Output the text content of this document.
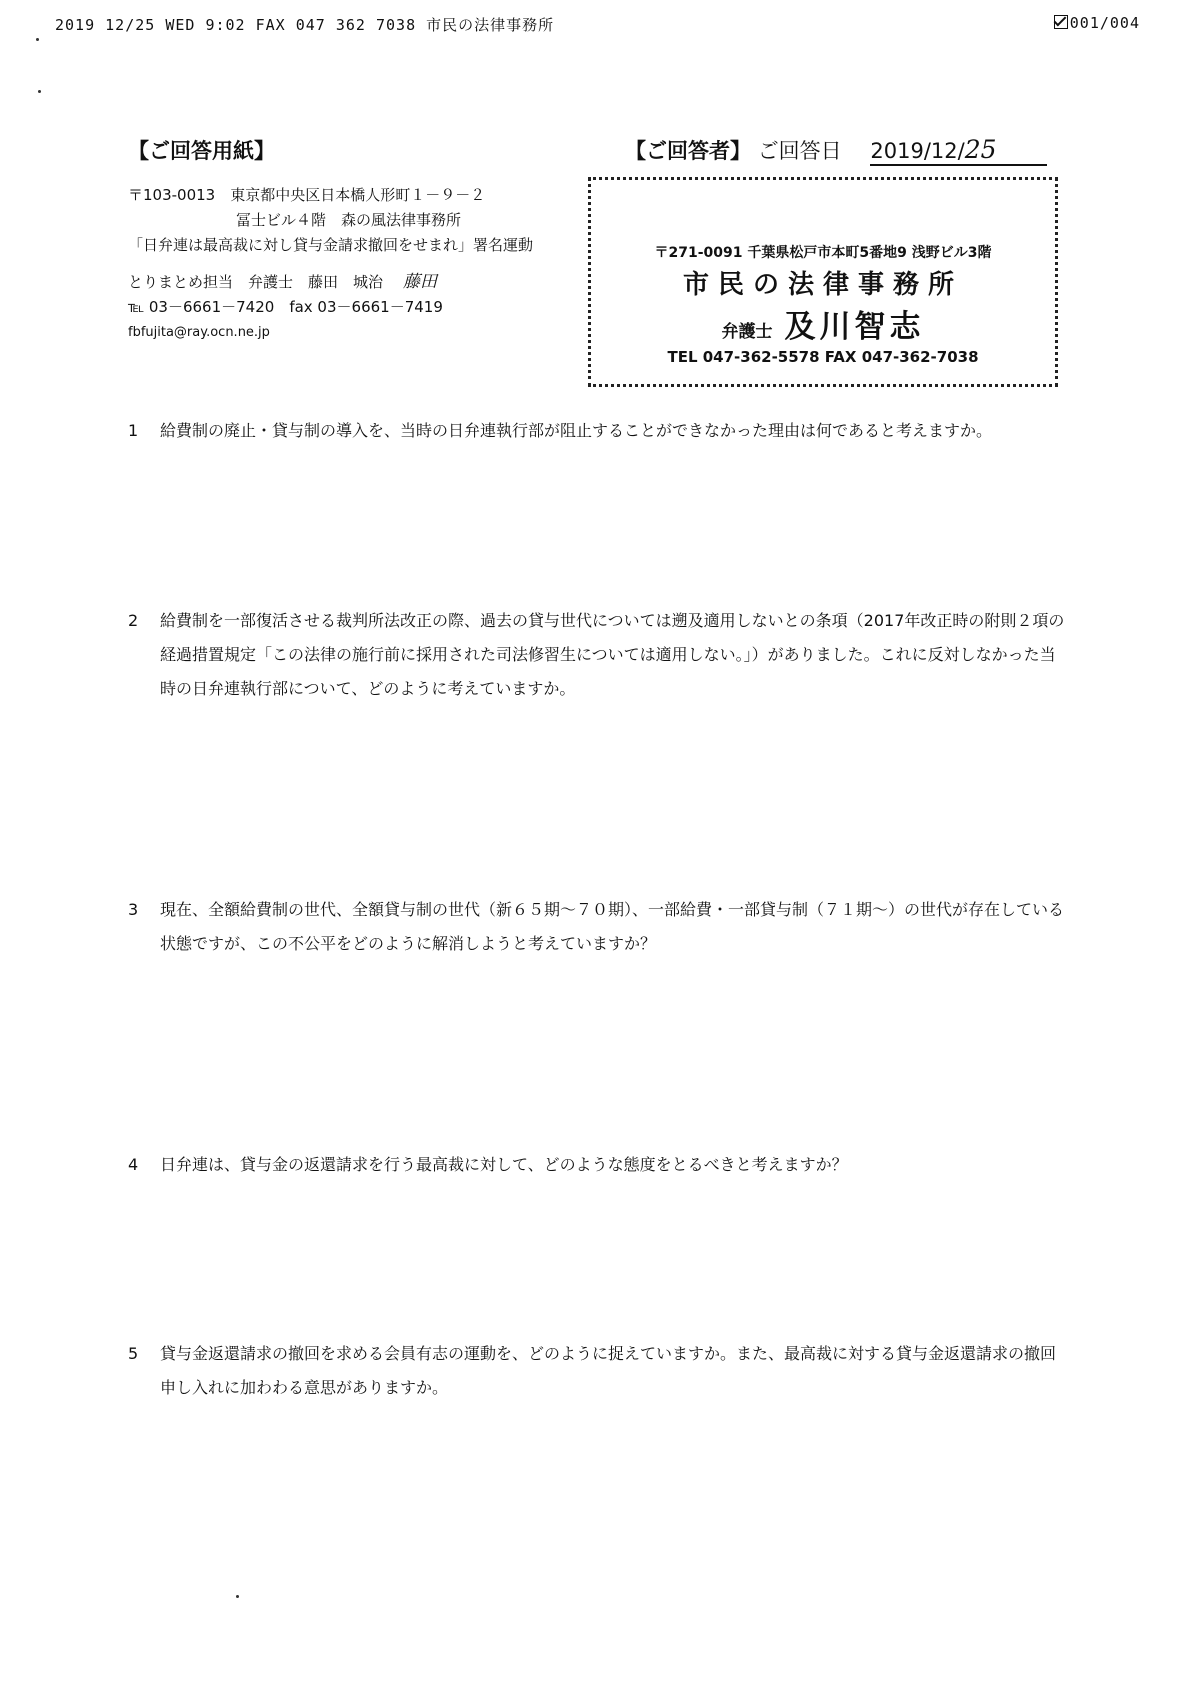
2019 12/25 WED 9:02 FAX 047 362 7038 市民の法律事務所	001/004
【ご回答用紙】	【ご回答者】 ご回答日 2019/12/25
〒103-0013　東京都中央区日本橋人形町１－９－２
冨士ビル４階　森の風法律事務所
「日弁連は最高裁に対し貸与金請求撤回をせまれ」署名運動
とりまとめ担当　弁護士　藤田　城治 藤田
℡ 03－6661－7420　fax 03－6661－7419
fbfujita@ray.ocn.ne.jp
〒271-0091 千葉県松戸市本町5番地9 浅野ビル3階
市民の法律事務所
弁護士 及川智志
TEL 047-362-5578 FAX 047-362-7038
1 給費制の廃止・貸与制の導入を、当時の日弁連執行部が阻止することができなかった理由は何であると考えますか。
2 給費制を一部復活させる裁判所法改正の際、過去の貸与世代については遡及適用しないとの条項（2017年改正時の附則２項の経過措置規定「この法律の施行前に採用された司法修習生については適用しない。」）がありました。これに反対しなかった当時の日弁連執行部について、どのように考えていますか。
3 現在、全額給費制の世代、全額貸与制の世代（新６５期～７０期）、一部給費・一部貸与制（７１期～）の世代が存在している状態ですが、この不公平をどのように解消しようと考えていますか？
4 日弁連は、貸与金の返還請求を行う最高裁に対して、どのような態度をとるべきと考えますか？
5 貸与金返還請求の撤回を求める会員有志の運動を、どのように捉えていますか。また、最高裁に対する貸与金返還請求の撤回申し入れに加わわる意思がありますか。
